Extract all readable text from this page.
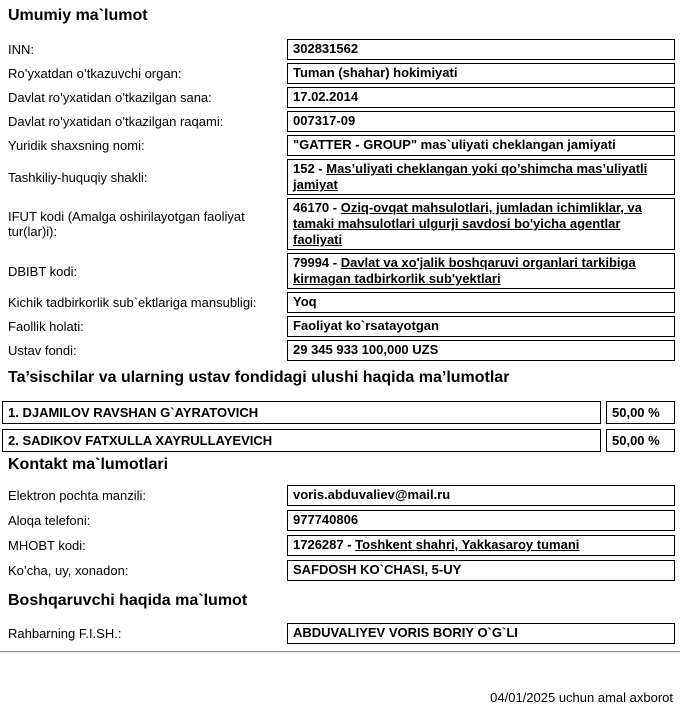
Umumiy ma`lumot
INN:	302831562
Ro’yxatdan o’tkazuvchi organ:	Tuman (shahar) hokimiyati
Davlat ro’yxatidan o’tkazilgan sana:	17.02.2014
Davlat ro’yxatidan o’tkazilgan raqami:	007317-09
Yuridik shaxsning nomi:	"GATTER - GROUP" mas`uliyati cheklangan jamiyati
Tashkiliy-huquqiy shakli:
152 - Mas’uliyati cheklangan yoki qo’shimcha mas’uliyatli jamiyat
IFUT kodi (Amalga oshirilayotgan faoliyat tur(lar)i):
46170 - Oziq-ovqat mahsulotlari, jumladan ichimliklar, va tamaki mahsulotlari ulgurji savdosi bo'yicha agentlar faoliyati
DBIBT kodi:
79994 - Davlat va xo'jalik boshqaruvi organlari tarkibiga kirmagan tadbirkorlik sub'yektlari
Kichik tadbirkorlik sub`ektlariga mansubligi:	Yoq
Faollik holati:	Faoliyat ko`rsatayotgan
Ustav fondi:	29 345 933 100,000 UZS
Ta’sischilar va ularning ustav fondidagi ulushi haqida ma’lumotlar
1. DJAMILOV RAVSHAN G`AYRATOVICH	50,00 %
2. SADIKOV FATXULLA XAYRULLAYEVICH	50,00 %
Kontakt ma`lumotlari
Elektron pochta manzili:	voris.abduvaliev@mail.ru
Aloqa telefoni:	977740806
MHOBT kodi:	1726287 - Toshkent shahri, Yakkasaroy tumani
Ko’cha, uy, xonadon:	SAFDOSH KO`CHASI, 5-UY
Boshqaruvchi haqida ma`lumot
Rahbarning F.I.SH.:	ABDUVALIYEV VORIS BORIY O`G`LI
04/01/2025 uchun amal axborot
